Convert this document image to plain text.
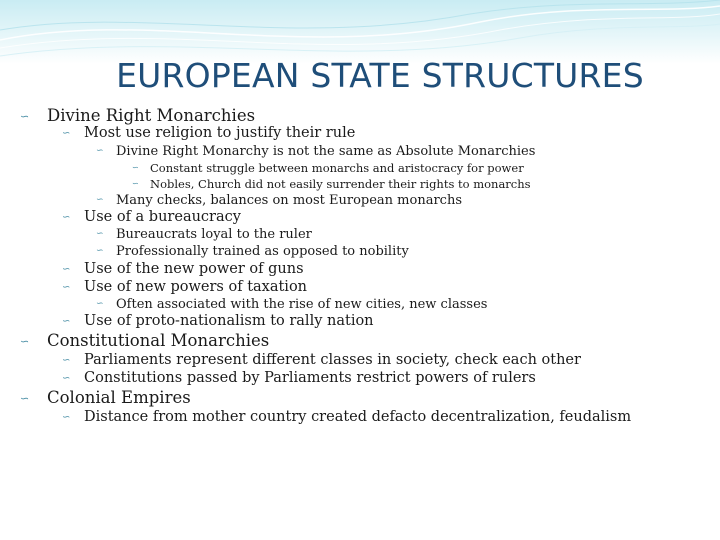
EUROPEAN STATE STRUCTURES
∽ Divine Right Monarchies
∽ Most use religion to justify their rule
∽ Divine Right Monarchy is not the same as Absolute Monarchies
∽ Constant struggle between monarchs and aristocracy for power
∽ Nobles, Church did not easily surrender their rights to monarchs
∽ Many checks, balances on most European monarchs
∽ Use of a bureaucracy
∽ Bureaucrats loyal to the ruler
∽ Professionally trained as opposed to nobility
∽ Use of the new power of guns
∽ Use of new powers of taxation
∽ Often associated with the rise of new cities, new classes
∽ Use of proto-nationalism to rally nation
∽ Constitutional Monarchies
∽ Parliaments represent different classes in society, check each other
∽ Constitutions passed by Parliaments restrict powers of rulers
∽ Colonial Empires
∽ Distance from mother country created defacto decentralization, feudalism
